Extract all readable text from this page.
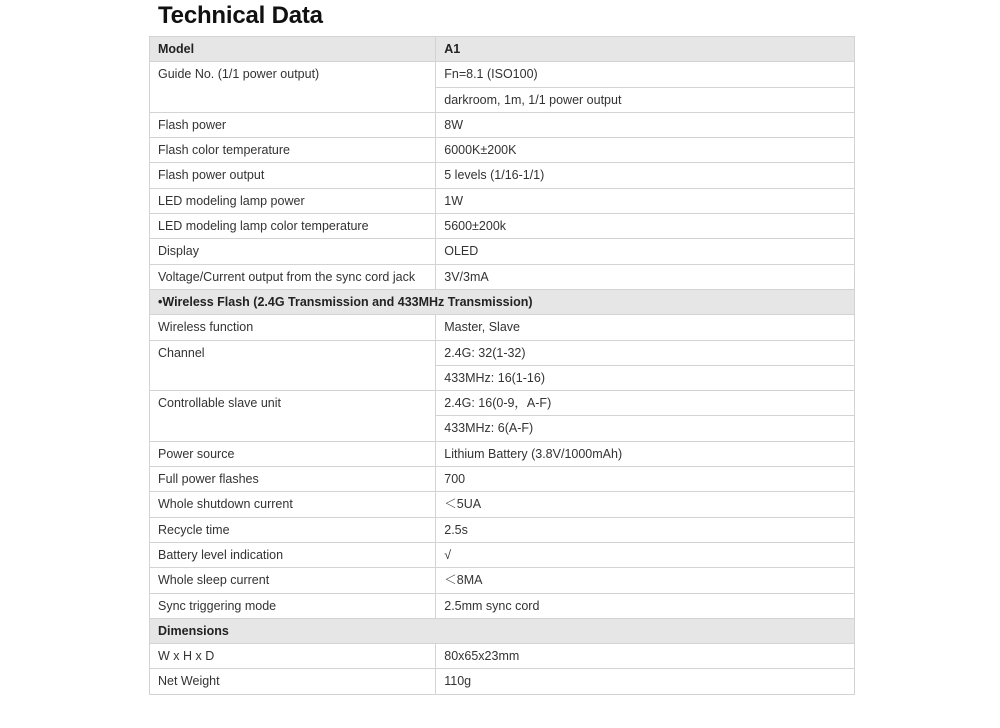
Technical Data
Model	A1

Guide No. (1/1 power output)	Fn=8.1 (ISO100)
darkroom, 1m, 1/1 power output

Flash power	8W

Flash color temperature	6000K±200K

Flash power output	5 levels (1/16-1/1)

LED modeling lamp power	1W

LED modeling lamp color temperature	5600±200k

Display	OLED

Voltage/Current output from the sync cord jack	3V/3mA

•Wireless Flash (2.4G Transmission and 433MHz Transmission)	
Wireless function	Master, Slave

Channel	2.4G: 32(1-32)
433MHz: 16(1-16)

Controllable slave unit	2.4G: 16(0-9，A-F)
433MHz: 6(A-F)

Power source	Lithium Battery (3.8V/1000mAh)

Full power flashes	700

Whole shutdown current	＜5UA

Recycle time	2.5s

Battery level indication	√

Whole sleep current	＜8MA

Sync triggering mode	2.5mm sync cord

Dimensions	
W x H x D	80x65x23mm

Net Weight	110g
